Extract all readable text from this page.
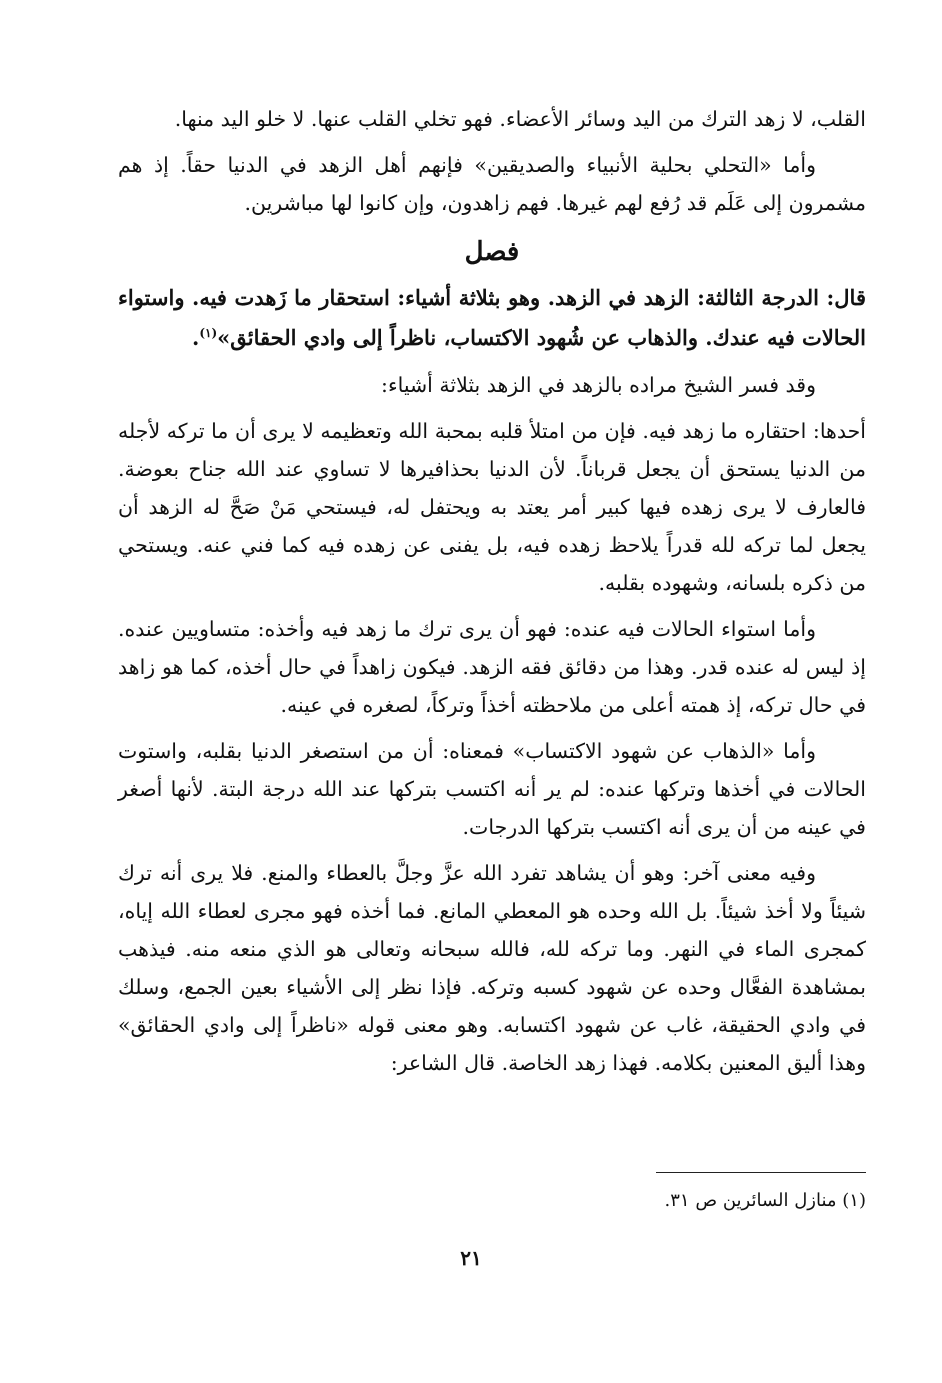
القلب، لا زهد الترك من اليد وسائر الأعضاء. فهو تخلي القلب عنها. لا خلو اليد منها.

وأما «التحلي بحلية الأنبياء والصديقين» فإنهم أهل الزهد في الدنيا حقاً. إذ هم مشمرون إلى عَلَم قد رُفع لهم غيرها. فهم زاهدون، وإن كانوا لها مباشرين.

فصل

قال: الدرجة الثالثة: الزهد في الزهد. وهو بثلاثة أشياء: استحقار ما زَهدت فيه. واستواء الحالات فيه عندك. والذهاب عن شُهود الاكتساب، ناظراً إلى وادي الحقائق»$^{(١)}$.

وقد فسر الشيخ مراده بالزهد في الزهد بثلاثة أشياء:

أحدها: احتقاره ما زهد فيه. فإن من امتلأ قلبه بمحبة الله وتعظيمه لا يرى أن ما تركه لأجله من الدنيا يستحق أن يجعل قرباناً. لأن الدنيا بحذافيرها لا تساوي عند الله جناح بعوضة. فالعارف لا يرى زهده فيها كبير أمر يعتد به ويحتفل له، فيستحي مَنْ صَحَّ له الزهد أن يجعل لما تركه لله قدراً يلاحظ زهده فيه، بل يفنى عن زهده فيه كما فني عنه. ويستحي من ذكره بلسانه، وشهوده بقلبه.

وأما استواء الحالات فيه عنده: فهو أن يرى ترك ما زهد فيه وأخذه: متساويين عنده. إذ ليس له عنده قدر. وهذا من دقائق فقه الزهد. فيكون زاهداً في حال أخذه، كما هو زاهد في حال تركه، إذ همته أعلى من ملاحظته أخذاً وتركاً، لصغره في عينه.

وأما «الذهاب عن شهود الاكتساب» فمعناه: أن من استصغر الدنيا بقلبه، واستوت الحالات في أخذها وتركها عنده: لم ير أنه اكتسب بتركها عند الله درجة البتة. لأنها أصغر في عينه من أن يرى أنه اكتسب بتركها الدرجات.

وفيه معنى آخر: وهو أن يشاهد تفرد الله عزَّ وجلَّ بالعطاء والمنع. فلا يرى أنه ترك شيئاً ولا أخذ شيئاً. بل الله وحده هو المعطي المانع. فما أخذه فهو مجرى لعطاء الله إياه، كمجرى الماء في النهر. وما تركه لله، فالله سبحانه وتعالى هو الذي منعه منه. فيذهب بمشاهدة الفعَّال وحده عن شهود كسبه وتركه. فإذا نظر إلى الأشياء بعين الجمع، وسلك في وادي الحقيقة، غاب عن شهود اكتسابه. وهو معنى قوله «ناظراً إلى وادي الحقائق» وهذا أليق المعنين بكلامه. فهذا زهد الخاصة. قال الشاعر:

(١) منازل السائرين ص ٣١.
٢١
